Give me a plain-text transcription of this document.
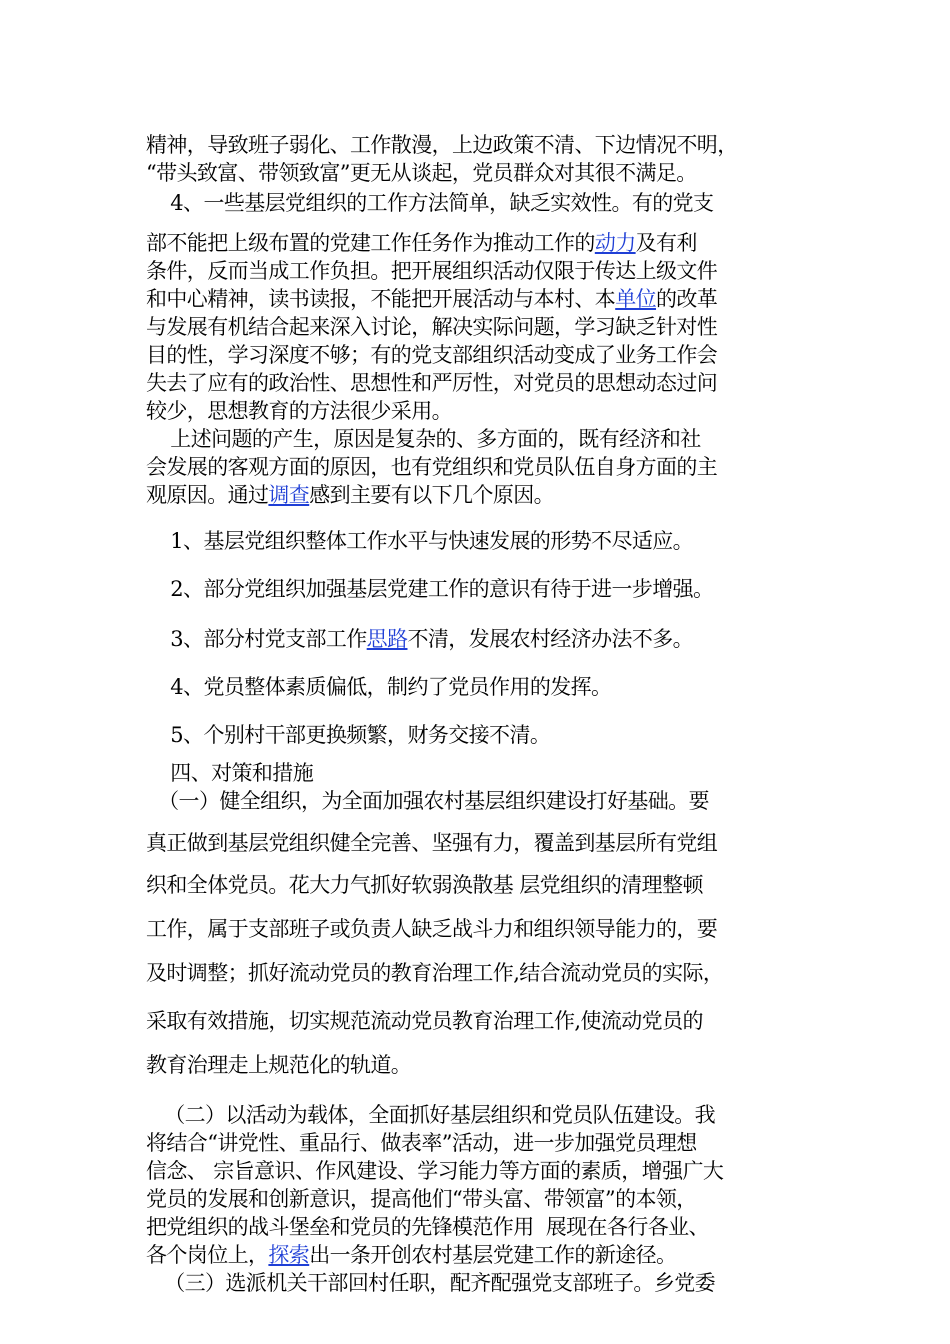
精神，导致班子弱化、工作散漫，上边政策不清、下边情况不明，
“带头致富、带领致富”更无从谈起，党员群众对其很不满足。
4、一些基层党组织的工作方法简单，缺乏实效性。有的党支
部不能把上级布置的党建工作任务作为推动工作的动力及有利
条件，反而当成工作负担。把开展组织活动仅限于传达上级文件
和中心精神，读书读报，不能把开展活动与本村、本单位的改革
与发展有机结合起来深入讨论，解决实际问题，学习缺乏针对性
目的性，学习深度不够；有的党支部组织活动变成了业务工作会
失去了应有的政治性、思想性和严厉性，对党员的思想动态过问
较少，思想教育的方法很少采用。
上述问题的产生，原因是复杂的、多方面的，既有经济和社
会发展的客观方面的原因，也有党组织和党员队伍自身方面的主
观原因。通过调查感到主要有以下几个原因。
1、基层党组织整体工作水平与快速发展的形势不尽适应。
2、部分党组织加强基层党建工作的意识有待于进一步增强。
3、部分村党支部工作思路不清，发展农村经济办法不多。
4、党员整体素质偏低，制约了党员作用的发挥。
5、个别村干部更换频繁，财务交接不清。
四、对策和措施
（一）健全组织，为全面加强农村基层组织建设打好基础。要
真正做到基层党组织健全完善、坚强有力，覆盖到基层所有党组
织和全体党员。花大力气抓好软弱涣散基 层党组织的清理整顿
工作，属于支部班子或负责人缺乏战斗力和组织领导能力的，要
及时调整；抓好流动党员的教育治理工作,结合流动党员的实际，
采取有效措施，切实规范流动党员教育治理工作,使流动党员的
教育治理走上规范化的轨道。
（二）以活动为载体，全面抓好基层组织和党员队伍建设。我
将结合“讲党性、重品行、做表率”活动，进一步加强党员理想
信念、 宗旨意识、作风建设、学习能力等方面的素质，增强广大
党员的发展和创新意识，提高他们“带头富、带领富”的本领，
把党组织的战斗堡垒和党员的先锋模范作用  展现在各行各业、
各个岗位上，探索出一条开创农村基层党建工作的新途径。
（三）选派机关干部回村任职，配齐配强党支部班子。乡党委
